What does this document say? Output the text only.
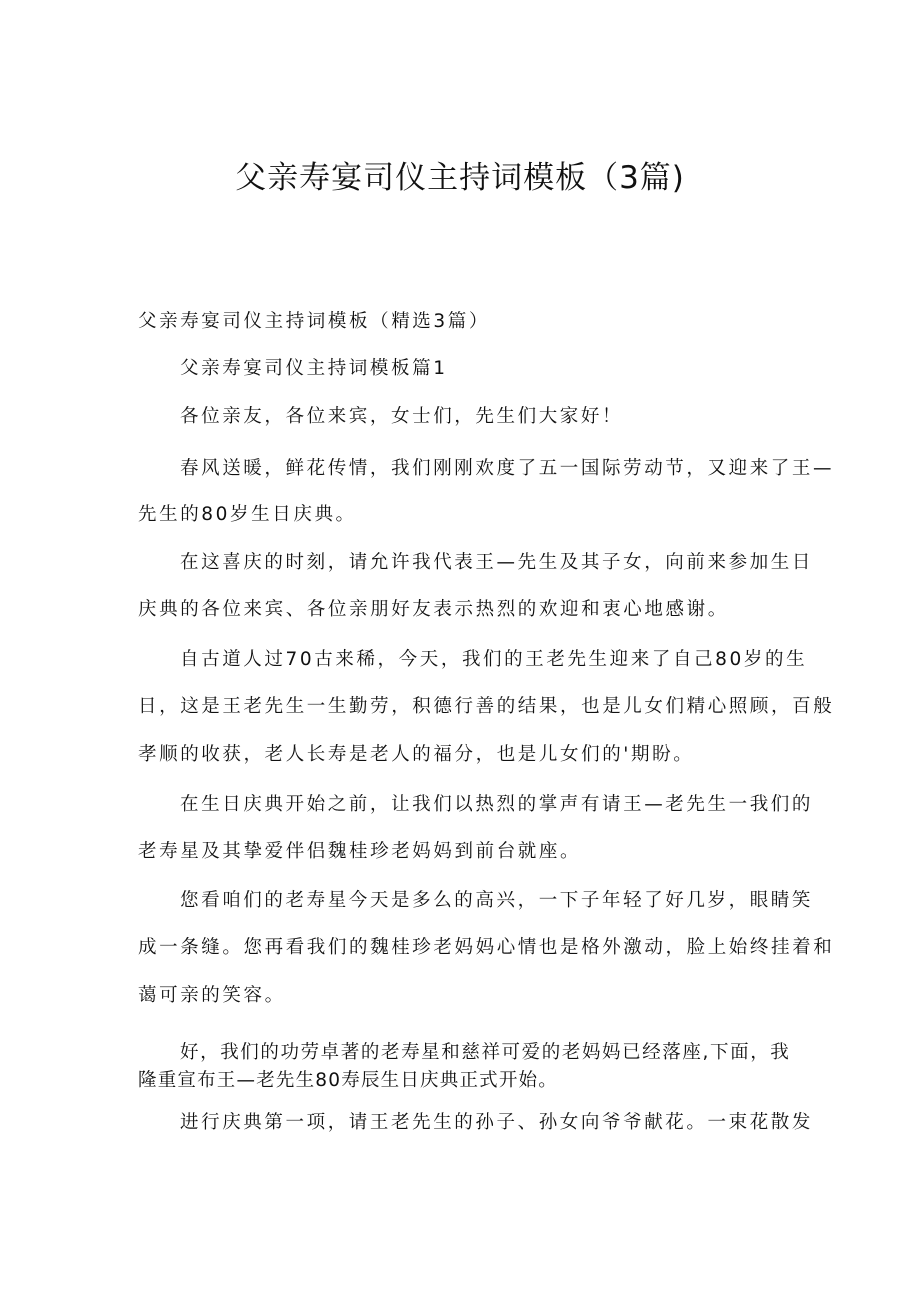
父亲寿宴司仪主持词模板（3篇)
父亲寿宴司仪主持词模板（精选3篇）
父亲寿宴司仪主持词模板篇1
各位亲友，各位来宾，女士们，先生们大家好！
春风送暖，鲜花传情，我们刚刚欢度了五一国际劳动节，又迎来了王—
先生的80岁生日庆典。
在这喜庆的时刻，请允许我代表王—先生及其子女，向前来参加生日
庆典的各位来宾、各位亲朋好友表示热烈的欢迎和衷心地感谢。
自古道人过70古来稀，今天，我们的王老先生迎来了自己80岁的生
日，这是王老先生一生勤劳，积德行善的结果，也是儿女们精心照顾，百般
孝顺的收获，老人长寿是老人的福分，也是儿女们的'期盼。
在生日庆典开始之前，让我们以热烈的掌声有请王—老先生一我们的
老寿星及其挚爱伴侣魏桂珍老妈妈到前台就座。
您看咱们的老寿星今天是多么的高兴，一下子年轻了好几岁，眼睛笑
成一条缝。您再看我们的魏桂珍老妈妈心情也是格外激动，脸上始终挂着和
蔼可亲的笑容。
好，我们的功劳卓著的老寿星和慈祥可爱的老妈妈已经落座,下面，我
隆重宣布王—老先生80寿辰生日庆典正式开始。
进行庆典第一项，请王老先生的孙子、孙女向爷爷献花。一束花散发
